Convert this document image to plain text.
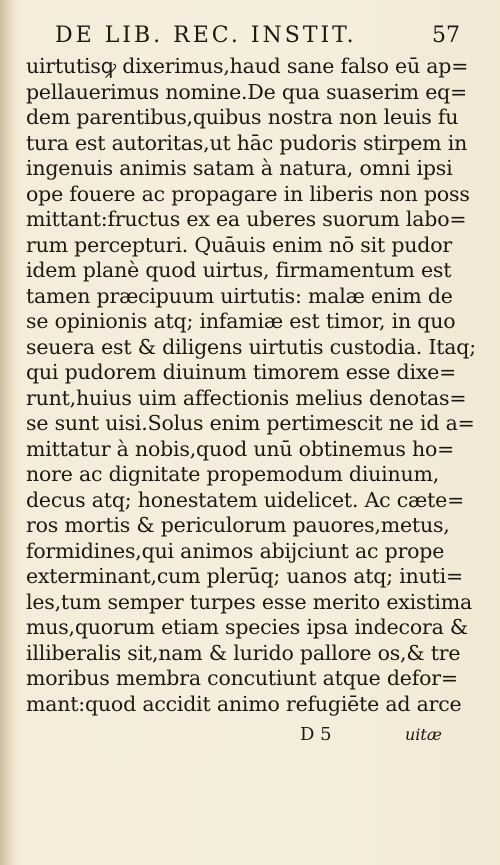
DE LIB. REC. INSTIT.	57
uirtutisꝙ dixerimus,haud sane falso eū ap=
pellauerimus nomine.De qua suaserim eq=
dem parentibus,quibus nostra non leuis fu
tura est autoritas,ut hāc pudoris stirpem in
ingenuis animis satam à natura, omni ipsi
ope fouere ac propagare in liberis non poss
mittant:fructus ex ea uberes suorum labo=
rum percepturi. Quāuis enim nō sit pudor
idem planè quod uirtus, firmamentum est
tamen præcipuum uirtutis: malæ enim de
se opinionis atq; infamiæ est timor, in quo
seuera est & diligens uirtutis custodia. Itaq;
qui pudorem diuinum timorem esse dixe=
runt,huius uim affectionis melius denotas=
se sunt uisi.Solus enim pertimescit ne id a=
mittatur à nobis,quod unū obtinemus ho=
nore ac dignitate propemodum diuinum,
decus atq; honestatem uidelicet. Ac cæte=
ros mortis & periculorum pauores,metus,
formidines,qui animos abijciunt ac prope
exterminant,cum plerūq; uanos atq; inuti=
les,tum semper turpes esse merito existima
mus,quorum etiam species ipsa indecora &
illiberalis sit,nam & lurido pallore os,& tre
moribus membra concutiunt atque defor=
mant:quod accidit animo refugiēte ad arce
D 5	uitæ
